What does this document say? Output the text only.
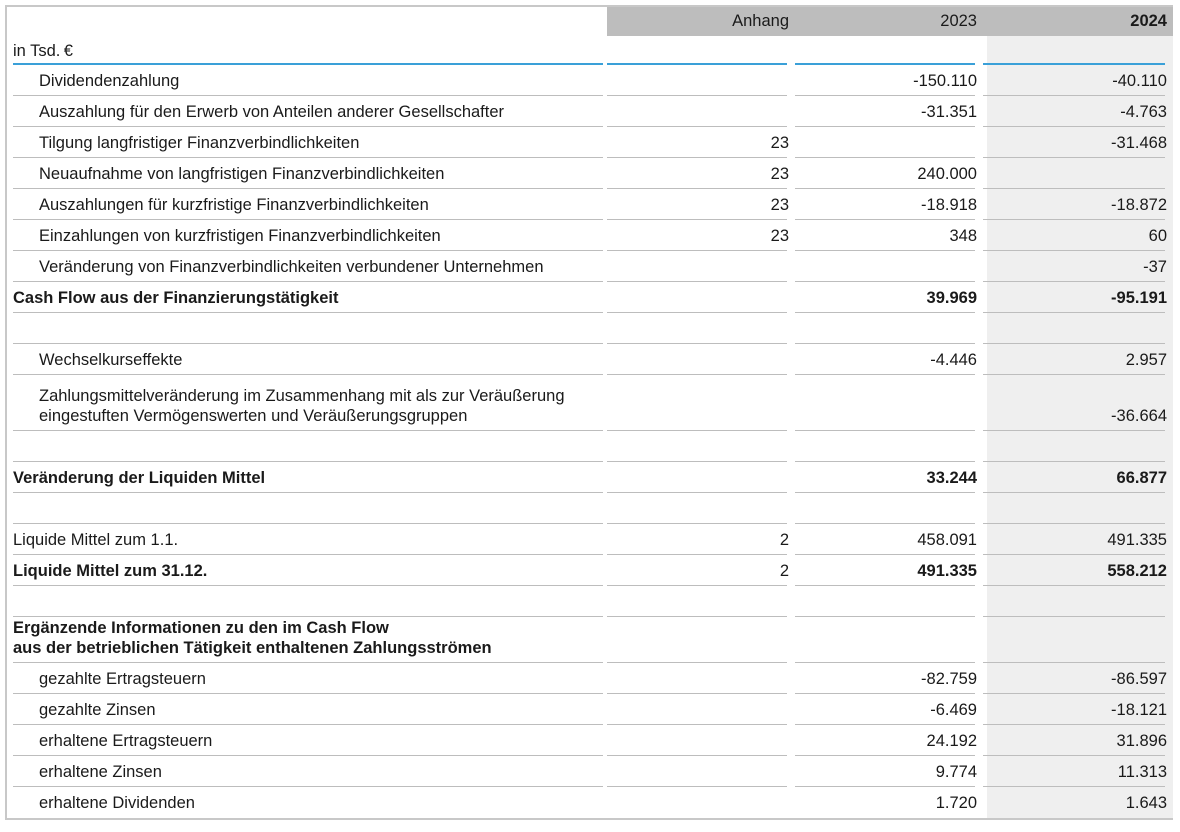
	Anhang	2023	2024
in Tsd. €			
Dividendenzahlung		-150.110	-40.110
Auszahlung für den Erwerb von Anteilen anderer Gesellschafter		-31.351	-4.763
Tilgung langfristiger Finanzverbindlichkeiten	23		-31.468
Neuaufnahme von langfristigen Finanzverbindlichkeiten	23	240.000	
Auszahlungen für kurzfristige Finanzverbindlichkeiten	23	-18.918	-18.872
Einzahlungen von kurzfristigen Finanzverbindlichkeiten	23	348	60
Veränderung von Finanzverbindlichkeiten verbundener Unternehmen			-37
Cash Flow aus der Finanzierungstätigkeit		39.969	-95.191

Wechselkurseffekte		-4.446	2.957

Zahlungsmittelveränderung im Zusammenhang mit als zur Veräußerung
eingestuften Vermögenswerten und Veräußerungsgruppen			-36.664

Veränderung der Liquiden Mittel		33.244	66.877

Liquide Mittel zum 1.1.	2	458.091	491.335
Liquide Mittel zum 31.12.	2	491.335	558.212

Ergänzende Informationen zu den im Cash Flow
aus der betrieblichen Tätigkeit enthaltenen Zahlungsströmen			

gezahlte Ertragsteuern		-82.759	-86.597
gezahlte Zinsen		-6.469	-18.121
erhaltene Ertragsteuern		24.192	31.896
erhaltene Zinsen		9.774	11.313
erhaltene Dividenden		1.720	1.643
